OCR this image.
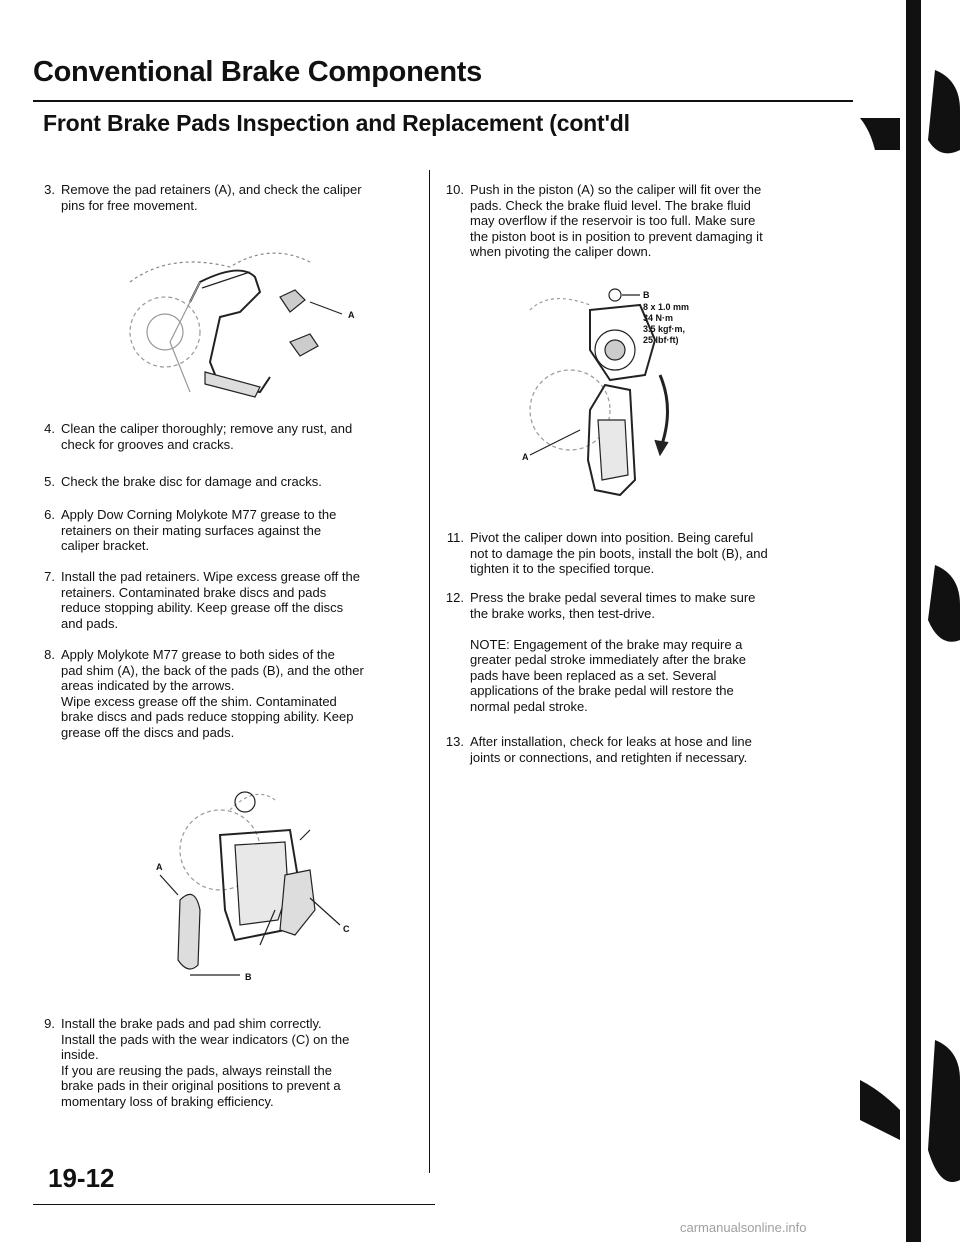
Conventional Brake Components
Front Brake Pads Inspection and Replacement (cont'dl
3. Remove the pad retainers (A), and check the caliper
pins for free movement.
A
4. Clean the caliper thoroughly; remove any rust, and
check for grooves and cracks.
5. Check the brake disc for damage and cracks.
6. Apply Dow Corning Molykote M77 grease to the
retainers on their mating surfaces against the
caliper bracket.
7. Install the pad retainers. Wipe excess grease off the
retainers. Contaminated brake discs and pads
reduce stopping ability. Keep grease off the discs
and pads.
8. Apply Molykote M77 grease to both sides of the
pad shim (A), the back of the pads (B), and the other
areas indicated by the arrows.
Wipe excess grease off the shim. Contaminated
brake discs and pads reduce stopping ability. Keep
grease off the discs and pads.
A
C
B
9. Install the brake pads and pad shim correctly.
Install the pads with the wear indicators (C) on the
inside.
If you are reusing the pads, always reinstall the
brake pads in their original positions to prevent a
momentary loss of braking efficiency.
10. Push in the piston (A) so the caliper will fit over the
pads. Check the brake fluid level. The brake fluid
may overflow if the reservoir is too full. Make sure
the piston boot is in position to prevent damaging it
when pivoting the caliper down.
B
8 x 1.0 mm
34 N·m
3.5 kgf·m,
25 lbf·ft)
A
11. Pivot the caliper down into position. Being careful
not to damage the pin boots, install the bolt (B), and
tighten it to the specified torque.
12. Press the brake pedal several times to make sure
the brake works, then test-drive.

NOTE: Engagement of the brake may require a
greater pedal stroke immediately after the brake
pads have been replaced as a set. Several
applications of the brake pedal will restore the
normal pedal stroke.
13. After installation, check for leaks at hose and line
joints or connections, and retighten if necessary.
19-12
carmanualsonline.info
